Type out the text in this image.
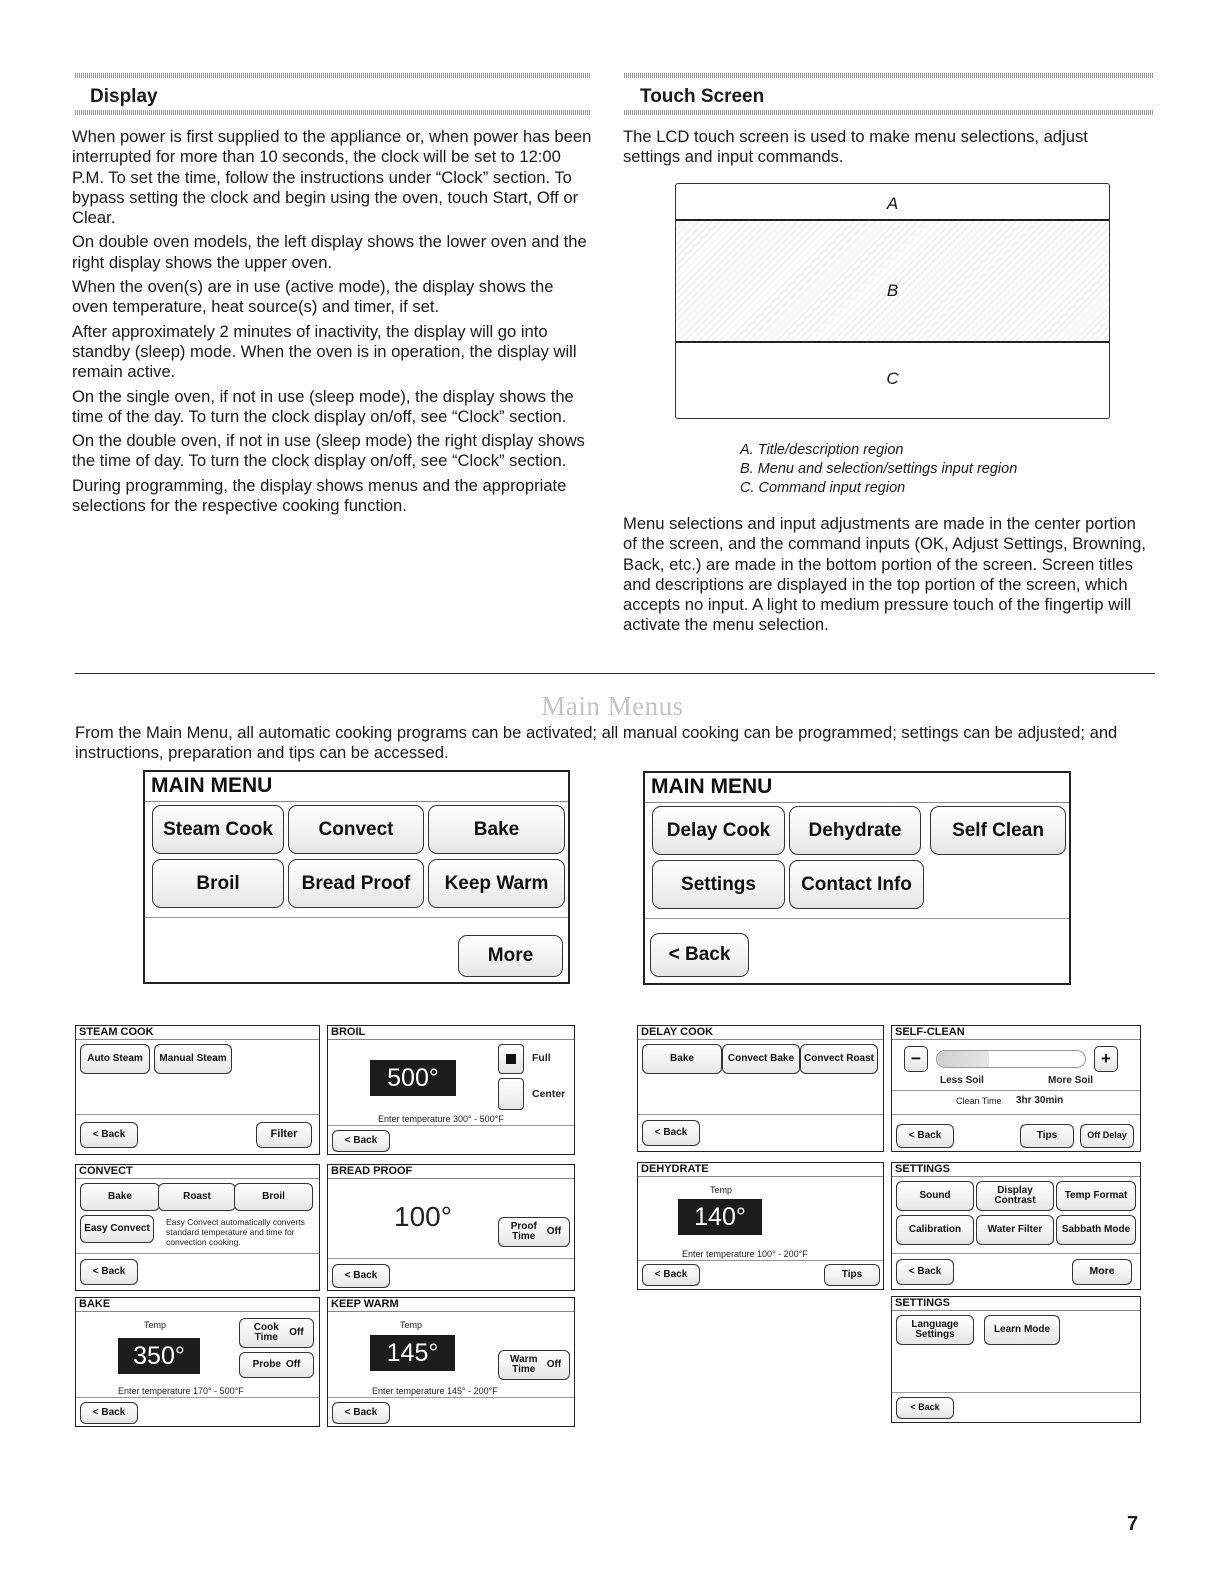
Display

When power is first supplied to the appliance or, when power has been interrupted for more than 10 seconds, the clock will be set to 12:00 P.M. To set the time, follow the instructions under “Clock” section. To bypass setting the clock and begin using the oven, touch Start, Off or Clear.

On double oven models, the left display shows the lower oven and the right display shows the upper oven.

When the oven(s) are in use (active mode), the display shows the oven temperature, heat source(s) and timer, if set.

After approximately 2 minutes of inactivity, the display will go into standby (sleep) mode. When the oven is in operation, the display will remain active.

On the single oven, if not in use (sleep mode), the display shows the time of the day. To turn the clock display on/off, see “Clock” section.

On the double oven, if not in use (sleep mode) the right display shows the time of day. To turn the clock display on/off, see “Clock” section.

During programming, the display shows menus and the appropriate selections for the respective cooking function.

Touch Screen
The LCD touch screen is used to make menu selections, adjust settings and input commands.
A
B
C
A. Title/description region
B. Menu and selection/settings input region
C. Command input region
Menu selections and input adjustments are made in the center portion of the screen, and the command inputs (OK, Adjust Settings, Browning, Back, etc.) are made in the bottom portion of the screen. Screen titles and descriptions are displayed in the top portion of the screen, which accepts no input. A light to medium pressure touch of the fingertip will activate the menu selection.
Main Menus
From the Main Menu, all automatic cooking programs can be activated; all manual cooking can be programmed; settings can be adjusted; and instructions, preparation and tips can be accessed.
MAIN MENU
Steam Cook	Convect	Bake
Broil	Bread Proof	Keep Warm
More
MAIN MENU
Delay Cook	Dehydrate	Self Clean
Settings	Contact Info
< Back
STEAM COOK
Auto Steam	Manual Steam
< Back	Filter
CONVECT
Bake	Roast	Broil
Easy Convect
Easy Convect automatically converts standard temperature and time for convection cooking.
< Back
BAKE
Temp
350°
Cook Time	Off
Probe Off
Enter temperature 170° - 500°F
< Back
BROIL
500°
Full
Center
Enter temperature 300° - 500°F
< Back
BREAD PROOF
100°	Proof Time	Off
< Back
KEEP WARM
Temp
145°	Warm Time	Off
Enter temperature 145° - 200°F
< Back
DELAY COOK
Bake	Convect Bake Convect Roast
< Back
DEHYDRATE
Temp
140°
Enter temperature 100° - 200°F
< Back	Tips
SELF-CLEAN
−	+
Less Soil	More Soil
Clean Time 3hr 30min
< Back	Tips	Off Delay
SETTINGS
Sound	Display Contrast	Temp Format
Calibration	Water Filter	Sabbath Mode
< Back	More
SETTINGS
Language Settings	Learn Mode
< Back
7
